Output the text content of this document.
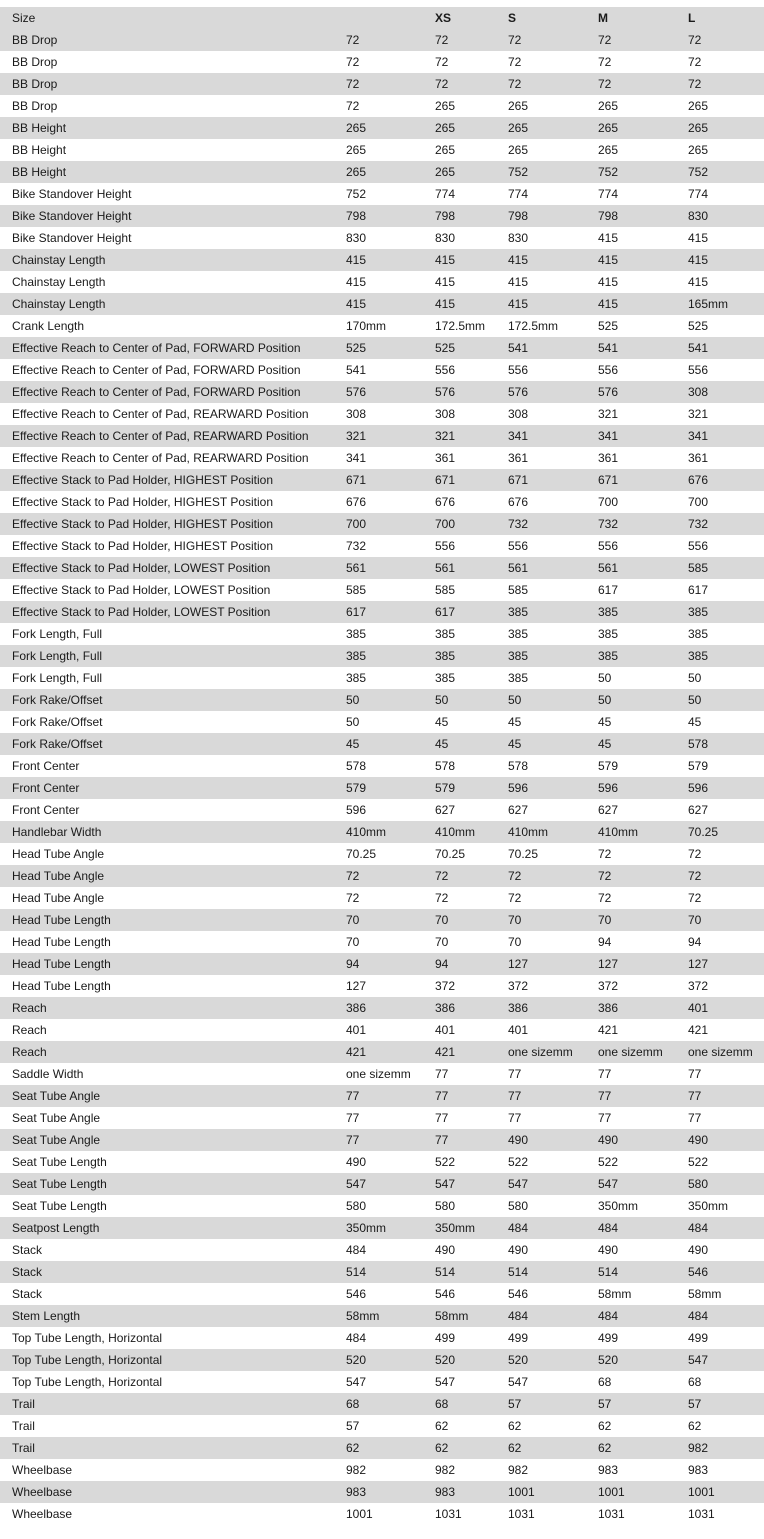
Size		XS	S	M	L
BB Drop	72	72	72	72	72
BB Drop	72	72	72	72	72
BB Drop	72	72	72	72	72
BB Drop	72	265	265	265	265
BB Height	265	265	265	265	265
BB Height	265	265	265	265	265
BB Height	265	265	752	752	752
Bike Standover Height	752	774	774	774	774
Bike Standover Height	798	798	798	798	830
Bike Standover Height	830	830	830	415	415
Chainstay Length	415	415	415	415	415
Chainstay Length	415	415	415	415	415
Chainstay Length	415	415	415	415	165mm
Crank Length	170mm	172.5mm	172.5mm	525	525
Effective Reach to Center of Pad, FORWARD Position	525	525	541	541	541
Effective Reach to Center of Pad, FORWARD Position	541	556	556	556	556
Effective Reach to Center of Pad, FORWARD Position	576	576	576	576	308
Effective Reach to Center of Pad, REARWARD Position	308	308	308	321	321
Effective Reach to Center of Pad, REARWARD Position	321	321	341	341	341
Effective Reach to Center of Pad, REARWARD Position	341	361	361	361	361
Effective Stack to Pad Holder, HIGHEST Position	671	671	671	671	676
Effective Stack to Pad Holder, HIGHEST Position	676	676	676	700	700
Effective Stack to Pad Holder, HIGHEST Position	700	700	732	732	732
Effective Stack to Pad Holder, HIGHEST Position	732	556	556	556	556
Effective Stack to Pad Holder, LOWEST Position	561	561	561	561	585
Effective Stack to Pad Holder, LOWEST Position	585	585	585	617	617
Effective Stack to Pad Holder, LOWEST Position	617	617	385	385	385
Fork Length, Full	385	385	385	385	385
Fork Length, Full	385	385	385	385	385
Fork Length, Full	385	385	385	50	50
Fork Rake/Offset	50	50	50	50	50
Fork Rake/Offset	50	45	45	45	45
Fork Rake/Offset	45	45	45	45	578
Front Center	578	578	578	579	579
Front Center	579	579	596	596	596
Front Center	596	627	627	627	627
Handlebar Width	410mm	410mm	410mm	410mm	70.25
Head Tube Angle	70.25	70.25	70.25	72	72
Head Tube Angle	72	72	72	72	72
Head Tube Angle	72	72	72	72	72
Head Tube Length	70	70	70	70	70
Head Tube Length	70	70	70	94	94
Head Tube Length	94	94	127	127	127
Head Tube Length	127	372	372	372	372
Reach	386	386	386	386	401
Reach	401	401	401	421	421
Reach	421	421	one sizemm	one sizemm	one sizemm
Saddle Width	one sizemm	77	77	77	77
Seat Tube Angle	77	77	77	77	77
Seat Tube Angle	77	77	77	77	77
Seat Tube Angle	77	77	490	490	490
Seat Tube Length	490	522	522	522	522
Seat Tube Length	547	547	547	547	580
Seat Tube Length	580	580	580	350mm	350mm
Seatpost Length	350mm	350mm	484	484	484
Stack	484	490	490	490	490
Stack	514	514	514	514	546
Stack	546	546	546	58mm	58mm
Stem Length	58mm	58mm	484	484	484
Top Tube Length, Horizontal	484	499	499	499	499
Top Tube Length, Horizontal	520	520	520	520	547
Top Tube Length, Horizontal	547	547	547	68	68
Trail	68	68	57	57	57
Trail	57	62	62	62	62
Trail	62	62	62	62	982
Wheelbase	982	982	982	983	983
Wheelbase	983	983	1001	1001	1001
Wheelbase	1001	1031	1031	1031	1031
